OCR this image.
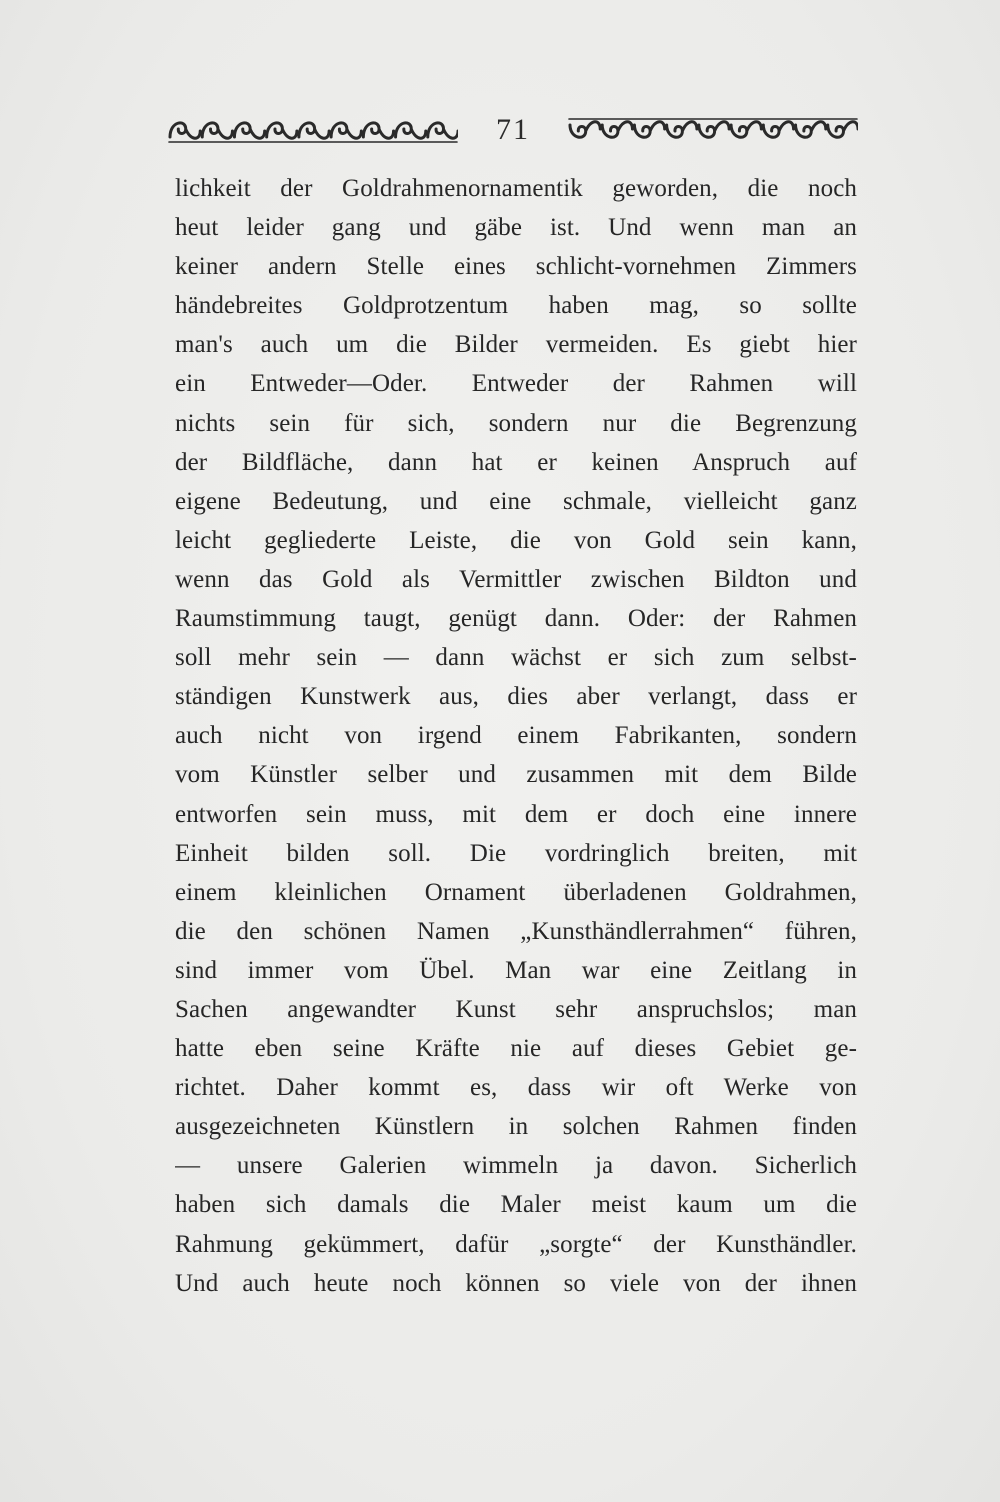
71
lichkeit der Goldrahmenornamentik geworden, die noch
heut leider gang und gäbe ist. Und wenn man an
keiner andern Stelle eines schlicht-vornehmen Zimmers
händebreites Goldprotzentum haben mag, so sollte
man's auch um die Bilder vermeiden. Es giebt hier
ein Entweder—Oder. Entweder der Rahmen will
nichts sein für sich, sondern nur die Begrenzung
der Bildfläche, dann hat er keinen Anspruch auf
eigene Bedeutung, und eine schmale, vielleicht ganz
leicht gegliederte Leiste, die von Gold sein kann,
wenn das Gold als Vermittler zwischen Bildton und
Raumstimmung taugt, genügt dann. Oder: der Rahmen
soll mehr sein — dann wächst er sich zum selbst-
ständigen Kunstwerk aus, dies aber verlangt, dass er
auch nicht von irgend einem Fabrikanten, sondern
vom Künstler selber und zusammen mit dem Bilde
entworfen sein muss, mit dem er doch eine innere
Einheit bilden soll. Die vordringlich breiten, mit
einem kleinlichen Ornament überladenen Goldrahmen,
die den schönen Namen „Kunsthändlerrahmen“ führen,
sind immer vom Übel. Man war eine Zeitlang in
Sachen angewandter Kunst sehr anspruchslos; man
hatte eben seine Kräfte nie auf dieses Gebiet ge-
richtet. Daher kommt es, dass wir oft Werke von
ausgezeichneten Künstlern in solchen Rahmen finden
— unsere Galerien wimmeln ja davon. Sicherlich
haben sich damals die Maler meist kaum um die
Rahmung gekümmert, dafür „sorgte“ der Kunsthändler.
Und auch heute noch können so viele von der ihnen
